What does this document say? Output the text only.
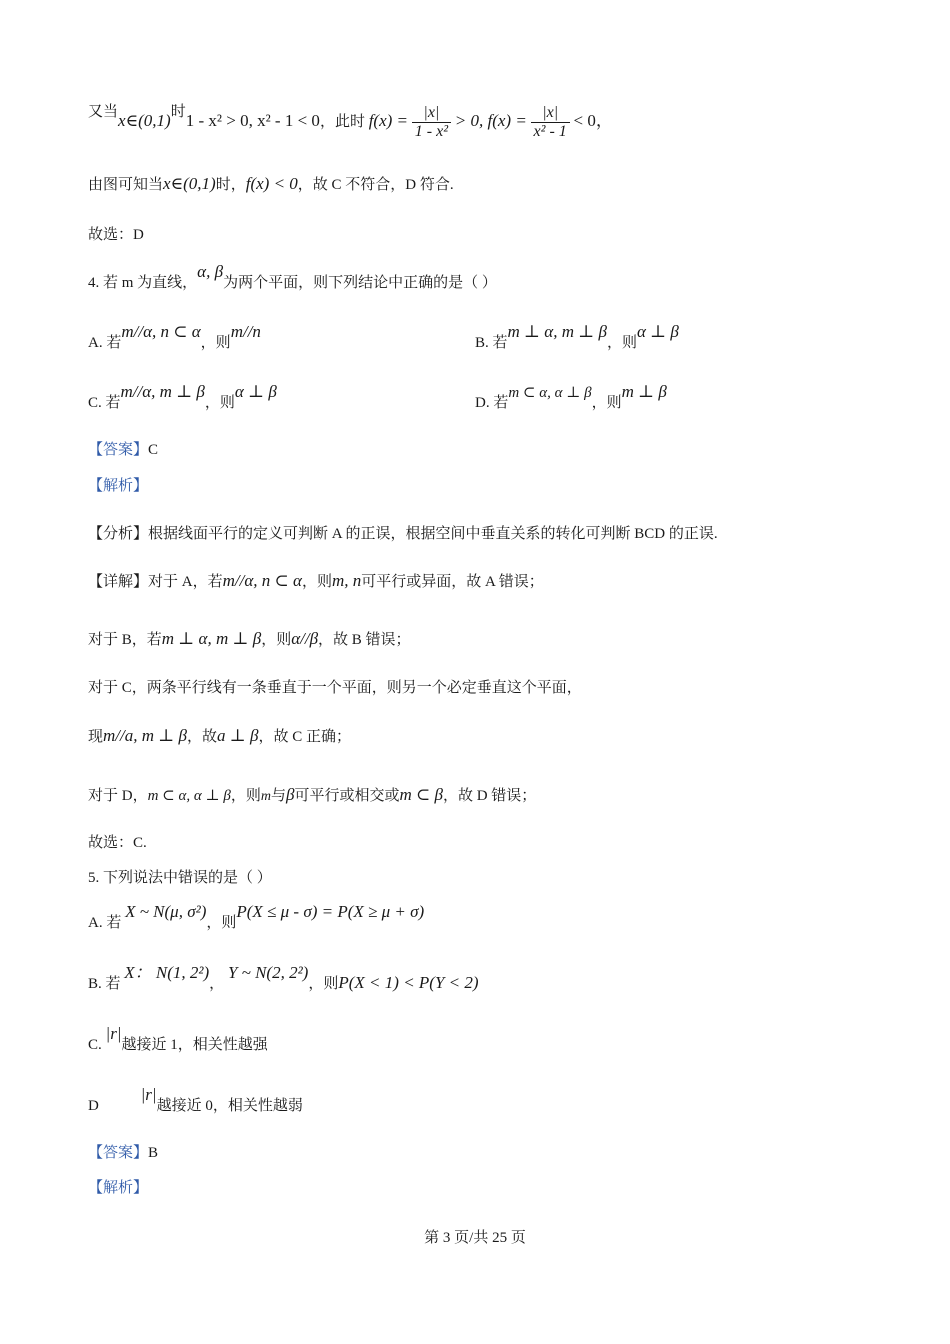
又当x∈(0,1)时1 - x² > 0, x² - 1 < 0，此时 $f(x) = \frac{|x|}{\text{1 - x²}} > 0$, $f(x) = \frac{|x|}{\text{x² - 1}} < 0$，
由图可知当x∈(0,1)时，f(x) < 0，故 C 不符合，D 符合.
故选：D
4. 若 m 为直线，α, β为两个平面，则下列结论中正确的是（ ）
A. 若m//α, n ⊂ α，则m//n
B. 若m ⊥ α, m ⊥ β，则α ⊥ β
C. 若m//α, m ⊥ β，则α ⊥ β
D. 若m ⊂ α, α ⊥ β，则m ⊥ β
【答案】C
【解析】
【分析】根据线面平行的定义可判断 A 的正误，根据空间中垂直关系的转化可判断 BCD 的正误.
【详解】对于 A，若m//α, n ⊂ α，则m, n可平行或异面，故 A 错误；
对于 B，若m ⊥ α, m ⊥ β，则α//β，故 B 错误；
对于 C，两条平行线有一条垂直于一个平面，则另一个必定垂直这个平面，
现m//a, m ⊥ β，故a ⊥ β，故 C 正确；
对于 D，m ⊂ α, α ⊥ β，则m与β可平行或相交或m ⊂ β，故 D 错误；
故选：C.
5. 下列说法中错误的是（ ）
A. 若 X ~ N(μ, σ²)，则P(X ≤ μ - σ) = P(X ≥ μ + σ)
B. 若 X： N(1, 2²)， Y ~ N(2, 2²)，则P(X < 1) < P(Y < 2)
C. |r|越接近 1，相关性越强
D |r|越接近 0，相关性越弱
【答案】B
【解析】
第 3 页/共 25 页
